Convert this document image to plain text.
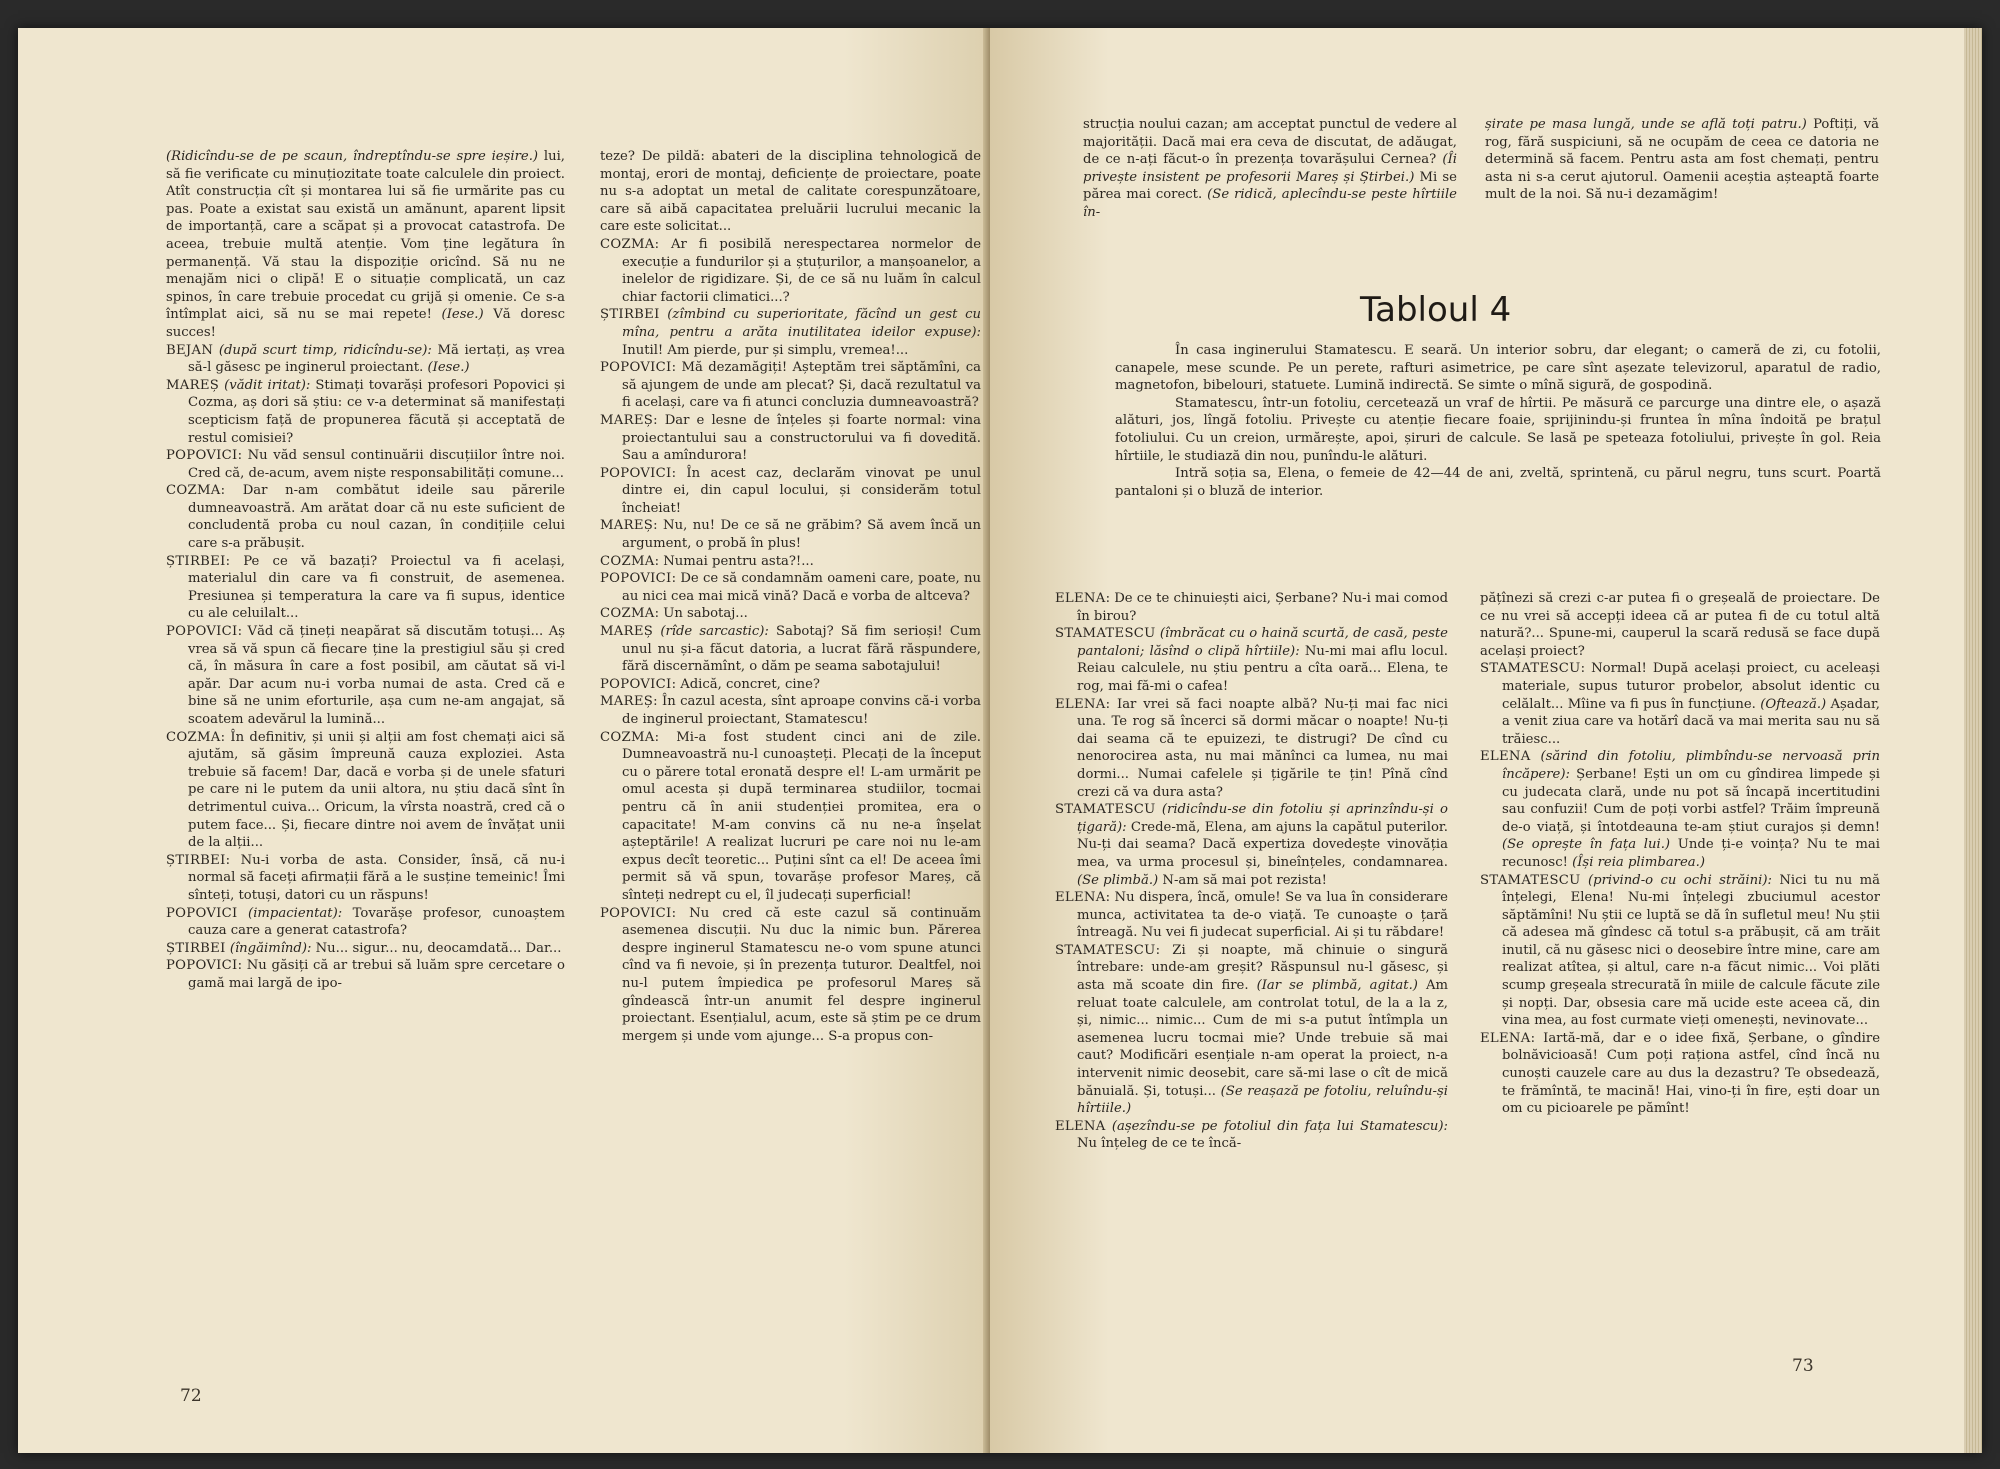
(Ridicîndu-se de pe scaun, îndreptîndu-se spre ieșire.) lui, să fie verificate cu minuțiozitate toate calculele din proiect. Atît construcția cît și montarea lui să fie urmărite pas cu pas. Poate a existat sau există un amănunt, aparent lipsit de importanță, care a scăpat și a provocat catastrofa. De aceea, trebuie multă atenție. Vom ține legătura în permanență. Vă stau la dispoziție oricînd. Să nu ne menajăm nici o clipă! E o situație complicată, un caz spinos, în care trebuie procedat cu grijă și omenie. Ce s-a întîmplat aici, să nu se mai repete! (Iese.) Vă doresc succes!

BEJAN (după scurt timp, ridicîndu-se): Mă iertați, aș vrea să-l găsesc pe inginerul proiectant. (Iese.)

MAREȘ (vădit iritat): Stimați tovarăși profesori Popovici și Cozma, aș dori să știu: ce v-a determinat să manifestați scepticism față de propunerea făcută și acceptată de restul comisiei?

POPOVICI: Nu văd sensul continuării discuțiilor între noi. Cred că, de-acum, avem niște responsabilități comune...

COZMA: Dar n-am combătut ideile sau părerile dumneavoastră. Am arătat doar că nu este suficient de concludentă proba cu noul cazan, în condițiile celui care s-a prăbușit.

ȘTIRBEI: Pe ce vă bazați? Proiectul va fi același, materialul din care va fi construit, de asemenea. Presiunea și temperatura la care va fi supus, identice cu ale celuilalt...

POPOVICI: Văd că țineți neapărat să discutăm totuși... Aș vrea să vă spun că fiecare ține la prestigiul său și cred că, în măsura în care a fost posibil, am căutat să vi-l apăr. Dar acum nu-i vorba numai de asta. Cred că e bine să ne unim eforturile, așa cum ne-am angajat, să scoatem adevărul la lumină...

COZMA: În definitiv, și unii și alții am fost chemați aici să ajutăm, să găsim împreună cauza exploziei. Asta trebuie să facem! Dar, dacă e vorba și de unele sfaturi pe care ni le putem da unii altora, nu știu dacă sînt în detrimentul cuiva... Oricum, la vîrsta noastră, cred că o putem face... Și, fiecare dintre noi avem de învățat unii de la alții...

ȘTIRBEI: Nu-i vorba de asta. Consider, însă, că nu-i normal să faceți afirmații fără a le susține temeinic! Îmi sînteți, totuși, datori cu un răspuns!

POPOVICI (impacientat): Tovarășe profesor, cunoaștem cauza care a generat catastrofa?

ȘTIRBEI (îngăimînd): Nu... sigur... nu, deocamdată... Dar...

POPOVICI: Nu găsiți că ar trebui să luăm spre cercetare o gamă mai largă de ipo-

teze? De pildă: abateri de la disciplina tehnologică de montaj, erori de montaj, deficiențe de proiectare, poate nu s-a adoptat un metal de calitate corespunzătoare, care să aibă capacitatea preluării lucrului mecanic la care este solicitat...

COZMA: Ar fi posibilă nerespectarea normelor de execuție a fundurilor și a ștuțurilor, a manșoanelor, a inelelor de rigidizare. Și, de ce să nu luăm în calcul chiar factorii climatici...?

ȘTIRBEI (zîmbind cu superioritate, făcînd un gest cu mîna, pentru a arăta inutilitatea ideilor expuse): Inutil! Am pierde, pur și simplu, vremea!...

POPOVICI: Mă dezamăgiți! Așteptăm trei săptămîni, ca să ajungem de unde am plecat? Și, dacă rezultatul va fi același, care va fi atunci concluzia dumneavoastră?

MAREȘ: Dar e lesne de înțeles și foarte normal: vina proiectantului sau a constructorului va fi dovedită. Sau a amîndurora!

POPOVICI: În acest caz, declarăm vinovat pe unul dintre ei, din capul locului, și considerăm totul încheiat!

MAREȘ: Nu, nu! De ce să ne grăbim? Să avem încă un argument, o probă în plus!

COZMA: Numai pentru asta?!...

POPOVICI: De ce să condamnăm oameni care, poate, nu au nici cea mai mică vină? Dacă e vorba de altceva?

COZMA: Un sabotaj...

MAREȘ (rîde sarcastic): Sabotaj? Să fim serioși! Cum unul nu și-a făcut datoria, a lucrat fără răspundere, fără discernămînt, o dăm pe seama sabotajului!

POPOVICI: Adică, concret, cine?

MAREȘ: În cazul acesta, sînt aproape convins că-i vorba de inginerul proiectant, Stamatescu!

COZMA: Mi-a fost student cinci ani de zile. Dumneavoastră nu-l cunoașteți. Plecați de la început cu o părere total eronată despre el! L-am urmărit pe omul acesta și după terminarea studiilor, tocmai pentru că în anii studenției promitea, era o capacitate! M-am convins că nu ne-a înșelat așteptările! A realizat lucruri pe care noi nu le-am expus decît teoretic... Puțini sînt ca el! De aceea îmi permit să vă spun, tovarășe profesor Mareș, că sînteți nedrept cu el, îl judecați superficial!

POPOVICI: Nu cred că este cazul să continuăm asemenea discuții. Nu duc la nimic bun. Părerea despre inginerul Stamatescu ne-o vom spune atunci cînd va fi nevoie, și în prezența tuturor. Dealtfel, noi nu-l putem împiedica pe profesorul Mareș să gîndească într-un anumit fel despre inginerul proiectant. Esențialul, acum, este să știm pe ce drum mergem și unde vom ajunge... S-a propus con-

72

strucția noului cazan; am acceptat punctul de vedere al majorității. Dacă mai era ceva de discutat, de adăugat, de ce n-ați făcut-o în prezența tovarășului Cernea? (Îi privește insistent pe profesorii Mareș și Știrbei.) Mi se părea mai corect. (Se ridică, aplecîndu-se peste hîrtiile în-

șirate pe masa lungă, unde se află toți patru.) Poftiți, vă rog, fără suspiciuni, să ne ocupăm de ceea ce datoria ne determină să facem. Pentru asta am fost chemați, pentru asta ni s-a cerut ajutorul. Oamenii aceștia așteaptă foarte mult de la noi. Să nu-i dezamăgim!

ELENA: De ce te chinuiești aici, Șerbane? Nu-i mai comod în birou?

STAMATESCU (îmbrăcat cu o haină scurtă, de casă, peste pantaloni; lăsînd o clipă hîrtiile): Nu-mi mai aflu locul. Reiau calculele, nu știu pentru a cîta oară... Elena, te rog, mai fă-mi o cafea!

ELENA: Iar vrei să faci noapte albă? Nu-ți mai fac nici una. Te rog să încerci să dormi măcar o noapte! Nu-ți dai seama că te epuizezi, te distrugi? De cînd cu nenorocirea asta, nu mai mănînci ca lumea, nu mai dormi... Numai cafelele și țigările te țin! Pînă cînd crezi că va dura asta?

STAMATESCU (ridicîndu-se din fotoliu și aprinzîndu-și o țigară): Crede-mă, Elena, am ajuns la capătul puterilor. Nu-ți dai seama? Dacă expertiza dovedește vinovăția mea, va urma procesul și, bineînțeles, condamnarea. (Se plimbă.) N-am să mai pot rezista!

ELENA: Nu dispera, încă, omule! Se va lua în considerare munca, activitatea ta de-o viață. Te cunoaște o țară întreagă. Nu vei fi judecat superficial. Ai și tu răbdare!

STAMATESCU: Zi și noapte, mă chinuie o singură întrebare: unde-am greșit? Răspunsul nu-l găsesc, și asta mă scoate din fire. (Iar se plimbă, agitat.) Am reluat toate calculele, am controlat totul, de la a la z, și, nimic... nimic... Cum de mi s-a putut întîmpla un asemenea lucru tocmai mie? Unde trebuie să mai caut? Modificări esențiale n-am operat la proiect, n-a intervenit nimic deosebit, care să-mi lase o cît de mică bănuială. Și, totuși... (Se reașază pe fotoliu, reluîndu-și hîrtiile.)

ELENA (așezîndu-se pe fotoliul din fața lui Stamatescu): Nu înțeleg de ce te încă-

pățînezi să crezi c-ar putea fi o greșeală de proiectare. De ce nu vrei să accepți ideea că ar putea fi de cu totul altă natură?... Spune-mi, cauperul la scară redusă se face după același proiect?

STAMATESCU: Normal! După același proiect, cu aceleași materiale, supus tuturor probelor, absolut identic cu celălalt... Mîine va fi pus în funcțiune. (Oftează.) Așadar, a venit ziua care va hotărî dacă va mai merita sau nu să trăiesc...

ELENA (sărind din fotoliu, plimbîndu-se nervoasă prin încăpere): Șerbane! Ești un om cu gîndirea limpede și cu judecata clară, unde nu pot să încapă incertitudini sau confuzii! Cum de poți vorbi astfel? Trăim împreună de-o viață, și întotdeauna te-am știut curajos și demn! (Se oprește în fața lui.) Unde ți-e voința? Nu te mai recunosc! (Își reia plimbarea.)

STAMATESCU (privind-o cu ochi străini): Nici tu nu mă înțelegi, Elena! Nu-mi înțelegi zbuciumul acestor săptămîni! Nu știi ce luptă se dă în sufletul meu! Nu știi că adesea mă gîndesc că totul s-a prăbușit, că am trăit inutil, că nu găsesc nici o deosebire între mine, care am realizat atîtea, și altul, care n-a făcut nimic... Voi plăti scump greșeala strecurată în miile de calcule făcute zile și nopți. Dar, obsesia care mă ucide este aceea că, din vina mea, au fost curmate vieți omenești, nevinovate...

ELENA: Iartă-mă, dar e o idee fixă, Șerbane, o gîndire bolnăvicioasă! Cum poți raționa astfel, cînd încă nu cunoști cauzele care au dus la dezastru? Te obsedează, te frămîntă, te macină! Hai, vino-ți în fire, ești doar un om cu picioarele pe pămînt!

73
Tabloul 4

În casa inginerului Stamatescu. E seară. Un interior sobru, dar elegant; o cameră de zi, cu fotolii, canapele, mese scunde. Pe un perete, rafturi asimetrice, pe care sînt așezate televizorul, aparatul de radio, magnetofon, bibelouri, statuete. Lumină indirectă. Se simte o mînă sigură, de gospodină.

Stamatescu, într-un fotoliu, cercetează un vraf de hîrtii. Pe măsură ce parcurge una dintre ele, o așază alături, jos, lîngă fotoliu. Privește cu atenție fiecare foaie, sprijinindu-și fruntea în mîna îndoită pe brațul fotoliului. Cu un creion, urmărește, apoi, șiruri de calcule. Se lasă pe speteaza fotoliului, privește în gol. Reia hîrtiile, le studiază din nou, punîndu-le alături.

Intră soția sa, Elena, o femeie de 42—44 de ani, zveltă, sprintenă, cu părul negru, tuns scurt. Poartă pantaloni și o bluză de interior.
